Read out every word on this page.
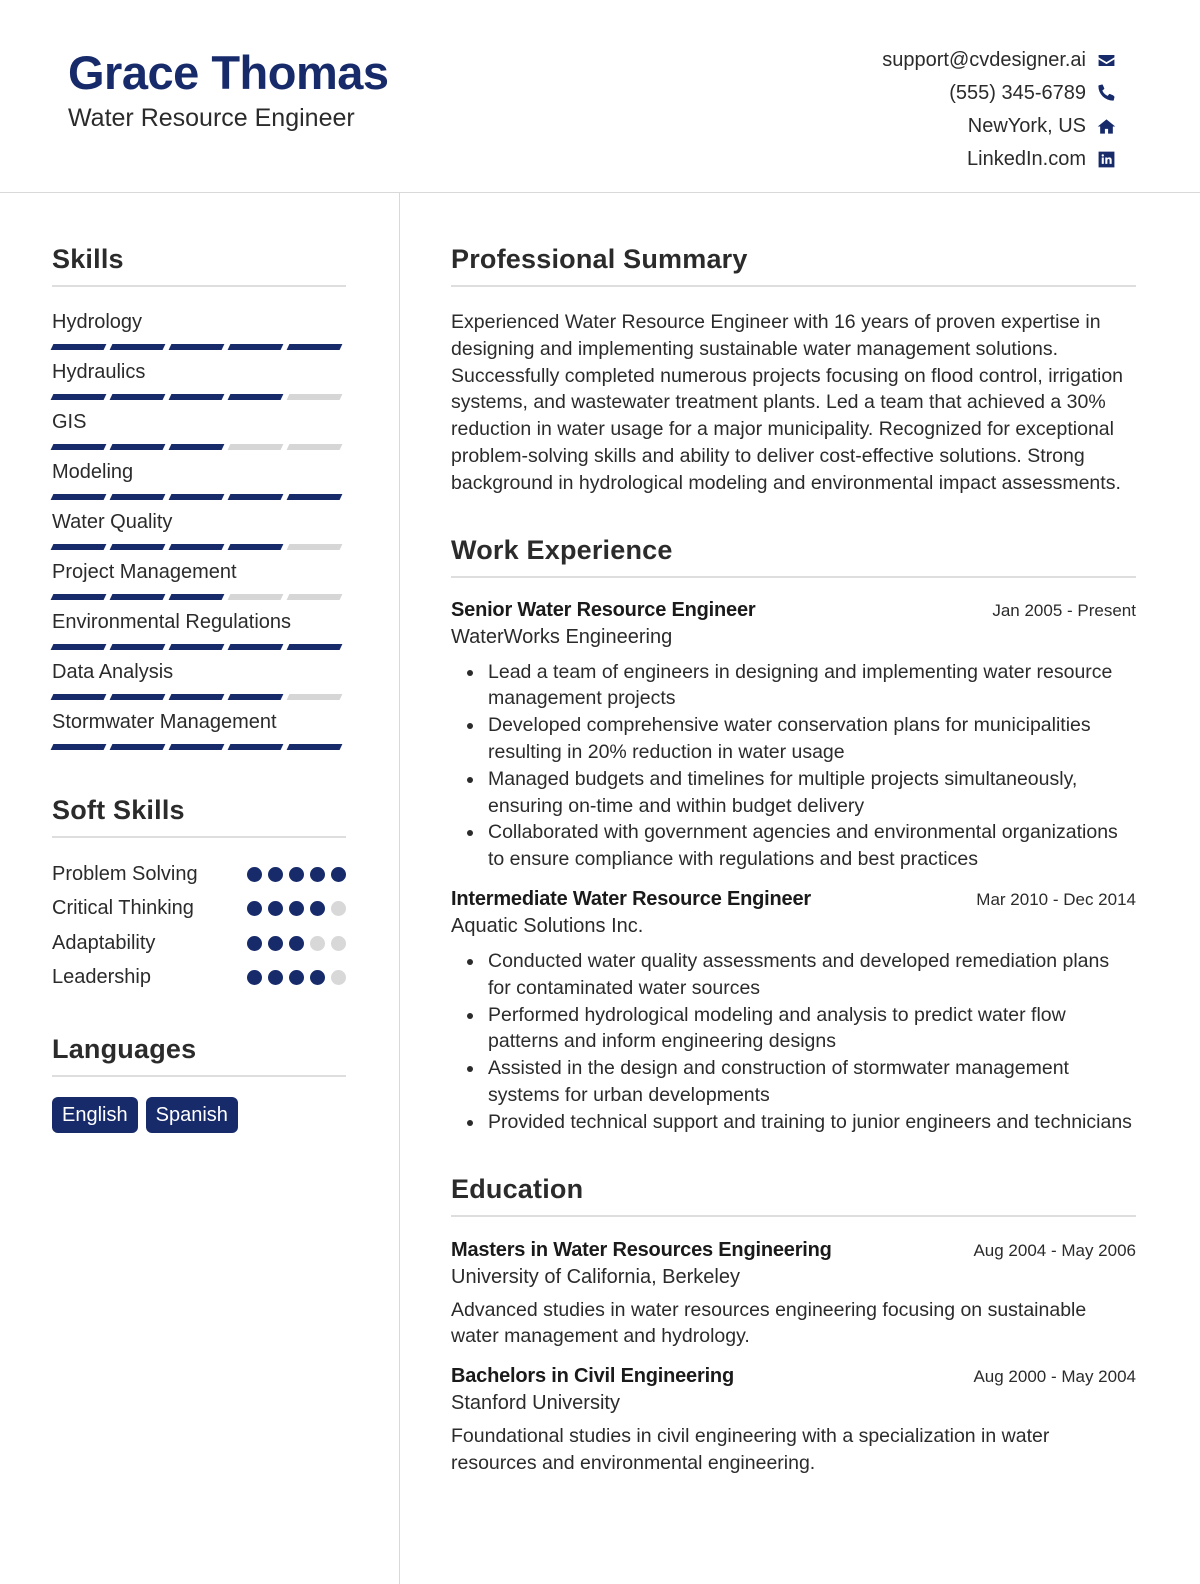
Grace Thomas
Water Resource Engineer
support@cvdesigner.ai
(555) 345-6789
NewYork, US
LinkedIn.com
Skills
Hydrology
Hydraulics
GIS
Modeling
Water Quality
Project Management
Environmental Regulations
Data Analysis
Stormwater Management
Soft Skills
Problem Solving
Critical Thinking
Adaptability
Leadership
Languages
English	Spanish
Professional Summary
Experienced Water Resource Engineer with 16 years of proven expertise in designing and implementing sustainable water management solutions. Successfully completed numerous projects focusing on flood control, irrigation systems, and wastewater treatment plants. Led a team that achieved a 30% reduction in water usage for a major municipality. Recognized for exceptional problem-solving skills and ability to deliver cost-effective solutions. Strong background in hydrological modeling and environmental impact assessments.
Work Experience
Senior Water Resource Engineer	Jan 2005 - Present
WaterWorks Engineering
Lead a team of engineers in designing and implementing water resource management projects
Developed comprehensive water conservation plans for municipalities resulting in 20% reduction in water usage
Managed budgets and timelines for multiple projects simultaneously, ensuring on-time and within budget delivery
Collaborated with government agencies and environmental organizations to ensure compliance with regulations and best practices
Intermediate Water Resource Engineer	Mar 2010 - Dec 2014
Aquatic Solutions Inc.
Conducted water quality assessments and developed remediation plans for contaminated water sources
Performed hydrological modeling and analysis to predict water flow patterns and inform engineering designs
Assisted in the design and construction of stormwater management systems for urban developments
Provided technical support and training to junior engineers and technicians
Education
Masters in Water Resources Engineering	Aug 2004 - May 2006
University of California, Berkeley
Advanced studies in water resources engineering focusing on sustainable water management and hydrology.
Bachelors in Civil Engineering	Aug 2000 - May 2004
Stanford University
Foundational studies in civil engineering with a specialization in water resources and environmental engineering.
